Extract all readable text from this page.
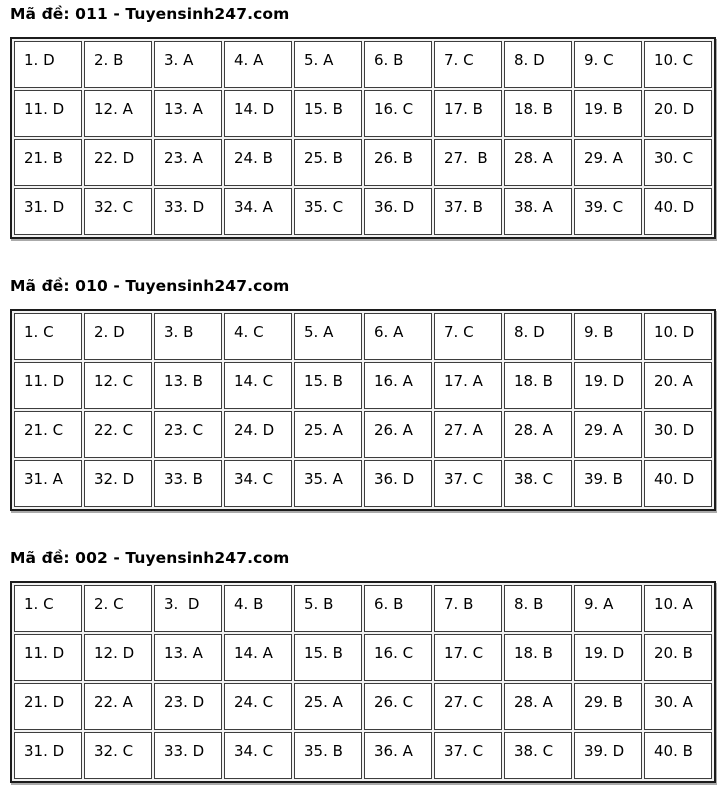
Mã đề: 011 - Tuyensinh247.com
1. D	2. B	3. A	4. A	5. A	6. B	7. C	8. D	9. C	10. C
11. D	12. A	13. A	14. D	15. B	16. C	17. B	18. B	19. B	20. D
21. B	22. D	23. A	24. B	25. B	26. B	27.  B	28. A	29. A	30. C
31. D	32. C	33. D	34. A	35. C	36. D	37. B	38. A	39. C	40. D
Mã đề: 010 - Tuyensinh247.com
1. C	2. D	3. B	4. C	5. A	6. A	7. C	8. D	9. B	10. D
11. D	12. C	13. B	14. C	15. B	16. A	17. A	18. B	19. D	20. A
21. C	22. C	23. C	24. D	25. A	26. A	27. A	28. A	29. A	30. D
31. A	32. D	33. B	34. C	35. A	36. D	37. C	38. C	39. B	40. D
Mã đề: 002 - Tuyensinh247.com
1. C	2. C	3.  D	4. B	5. B	6. B	7. B	8. B	9. A	10. A
11. D	12. D	13. A	14. A	15. B	16. C	17. C	18. B	19. D	20. B
21. D	22. A	23. D	24. C	25. A	26. C	27. C	28. A	29. B	30. A
31. D	32. C	33. D	34. C	35. B	36. A	37. C	38. C	39. D	40. B
